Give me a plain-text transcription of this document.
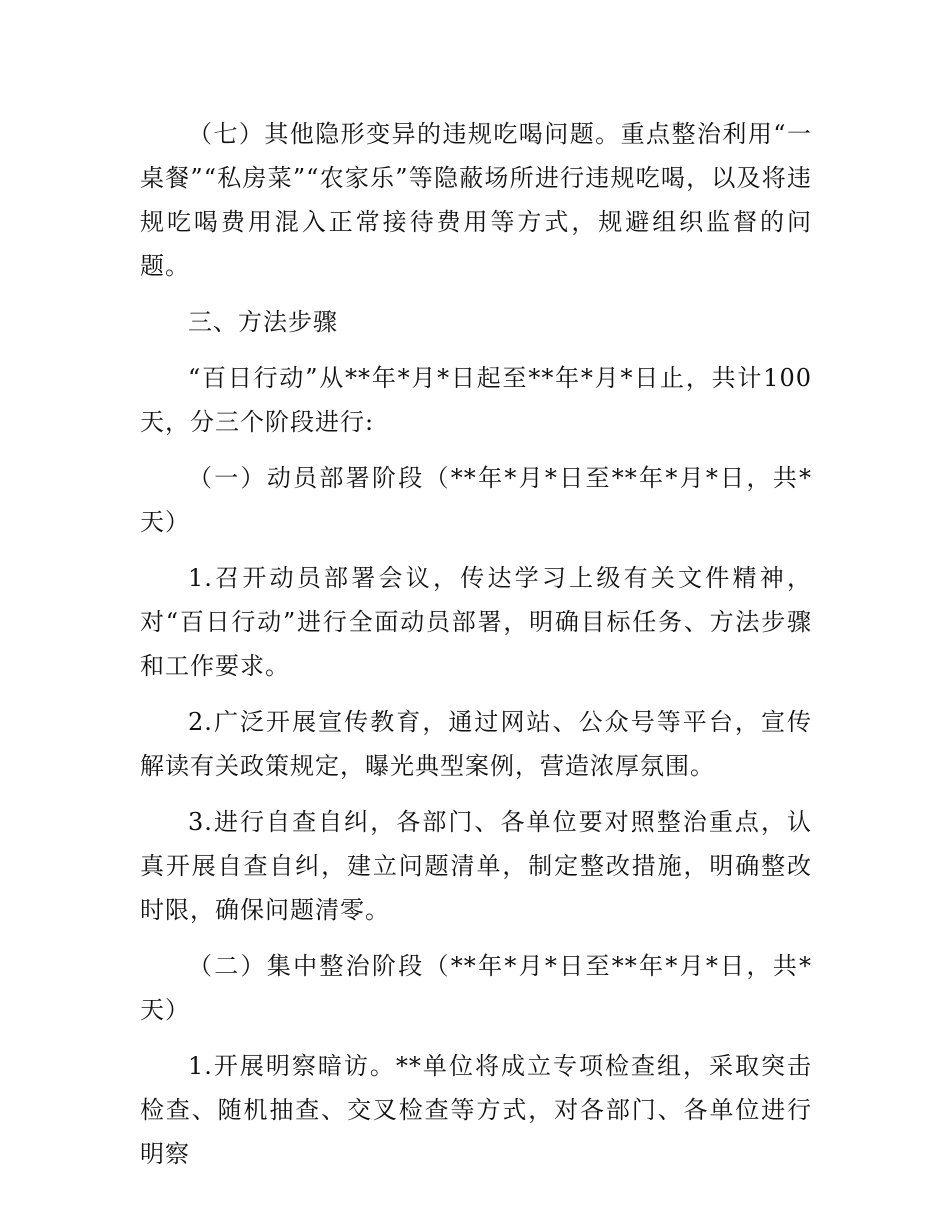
（七）其他隐形变异的违规吃喝问题。重点整治利用“一桌餐”“私房菜”“农家乐”等隐蔽场所进行违规吃喝，以及将违规吃喝费用混入正常接待费用等方式，规避组织监督的问题。

三、方法步骤

“百日行动”从**年*月*日起至**年*月*日止，共计100天，分三个阶段进行:

（一）动员部署阶段（**年*月*日至**年*月*日，共*天）

1.召开动员部署会议，传达学习上级有关文件精神，对“百日行动”进行全面动员部署，明确目标任务、方法步骤和工作要求。

2.广泛开展宣传教育，通过网站、公众号等平台，宣传解读有关政策规定，曝光典型案例，营造浓厚氛围。

3.进行自查自纠，各部门、各单位要对照整治重点，认真开展自查自纠，建立问题清单，制定整改措施，明确整改时限，确保问题清零。

（二）集中整治阶段（**年*月*日至**年*月*日，共*天）

1.开展明察暗访。**单位将成立专项检查组，采取突击检查、随机抽查、交叉检查等方式，对各部门、各单位进行明察
